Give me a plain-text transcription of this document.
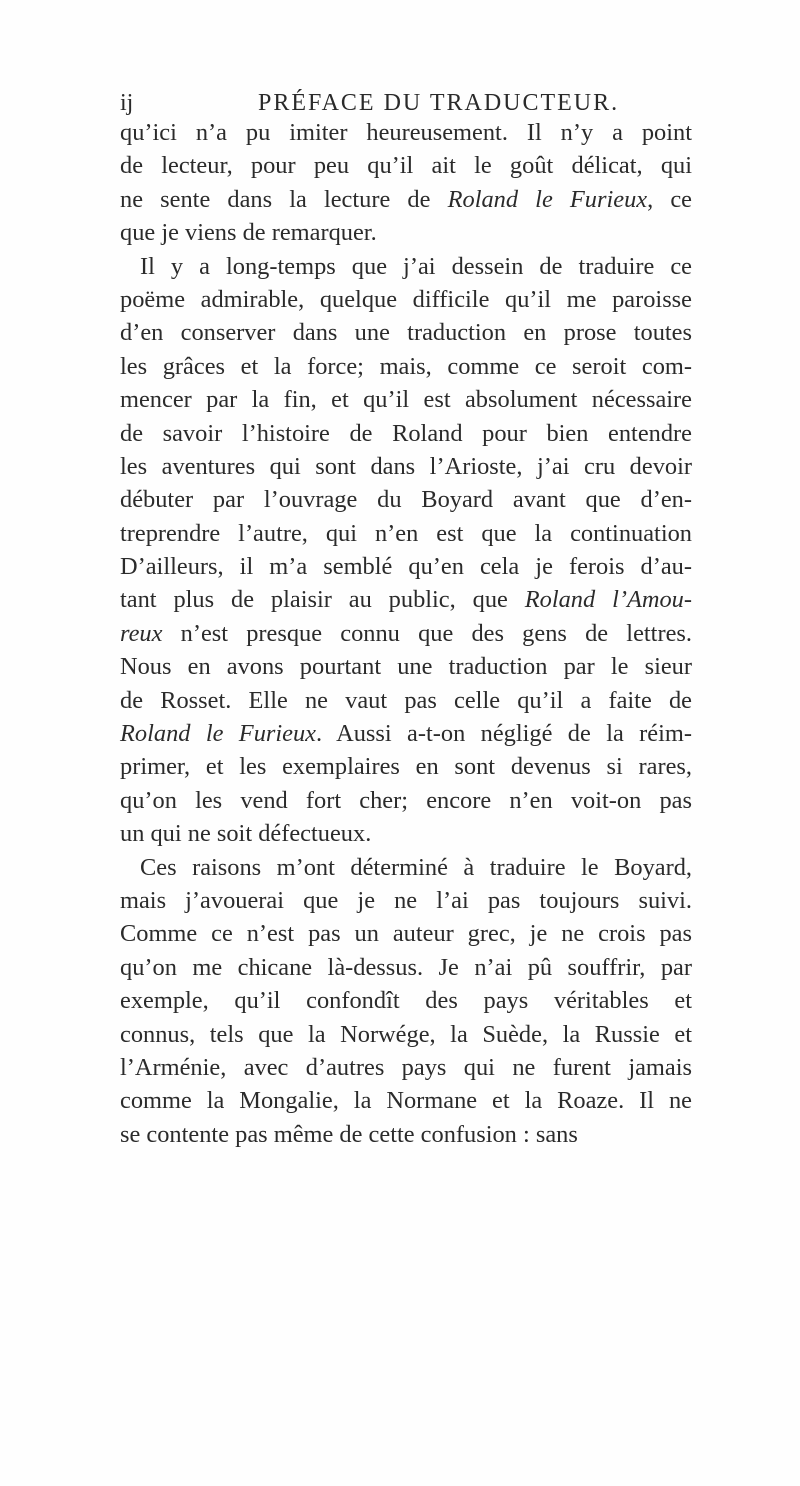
ij	PRÉFACE DU TRADUCTEUR.
qu’ici n’a pu imiter heureusement. Il n’y a point
de lecteur, pour peu qu’il ait le goût délicat, qui
ne sente dans la lecture de Roland le Furieux, ce
que je viens de remarquer.
Il y a long-temps que j’ai dessein de traduire ce
poëme admirable, quelque difficile qu’il me paroisse
d’en conserver dans une traduction en prose toutes
les grâces et la force; mais, comme ce seroit com-
mencer par la fin, et qu’il est absolument nécessaire
de savoir l’histoire de Roland pour bien entendre
les aventures qui sont dans l’Arioste, j’ai cru devoir
débuter par l’ouvrage du Boyard avant que d’en-
treprendre l’autre, qui n’en est que la continuation
D’ailleurs, il m’a semblé qu’en cela je ferois d’au-
tant plus de plaisir au public, que Roland l’Amou-
reux n’est presque connu que des gens de lettres.
Nous en avons pourtant une traduction par le sieur
de Rosset. Elle ne vaut pas celle qu’il a faite de
Roland le Furieux. Aussi a-t-on négligé de la réim-
primer, et les exemplaires en sont devenus si rares,
qu’on les vend fort cher; encore n’en voit-on pas
un qui ne soit défectueux.
Ces raisons m’ont déterminé à traduire le Boyard,
mais j’avouerai que je ne l’ai pas toujours suivi.
Comme ce n’est pas un auteur grec, je ne crois pas
qu’on me chicane là-dessus. Je n’ai pû souffrir, par
exemple, qu’il confondît des pays véritables et
connus, tels que la Norwége, la Suède, la Russie et
l’Arménie, avec d’autres pays qui ne furent jamais
comme la Mongalie, la Normane et la Roaze. Il ne
se contente pas même de cette confusion : sans
